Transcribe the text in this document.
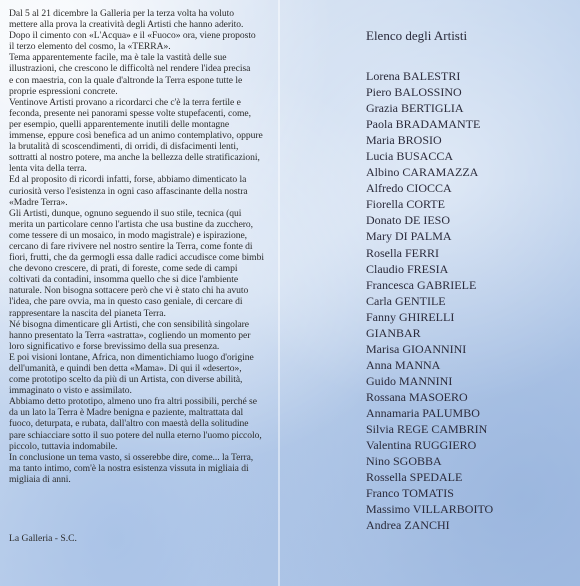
Dal 5 al 21 dicembre la Galleria per la terza volta ha voluto
mettere alla prova la creatività degli Artisti che hanno aderito.
Dopo il cimento con «L'Acqua» e il «Fuoco» ora, viene proposto
il terzo elemento del cosmo, la «TERRA».
Tema apparentemente facile, ma è tale la vastità delle sue
illustrazioni, che crescono le difficoltà nel rendere l'idea precisa
e con maestria, con la quale d'altronde la Terra espone tutte le
proprie espressioni concrete.
Ventinove Artisti provano a ricordarci che c'è la terra fertile e
feconda, presente nei panorami spesse volte stupefacenti, come,
per esempio, quelli apparentemente inutili delle montagne
immense, eppure così benefica ad un animo contemplativo, oppure
la brutalità di scoscendimenti, di orridi, di disfacimenti lenti,
sottratti al nostro potere, ma anche la bellezza delle stratificazioni,
lenta vita della terra.
Ed al proposito di ricordi infatti, forse, abbiamo dimenticato la
curiosità verso l'esistenza in ogni caso affascinante della nostra
«Madre Terra».
Gli Artisti, dunque, ognuno seguendo il suo stile, tecnica (qui
merita un particolare cenno l'artista che usa bustine da zucchero,
come tessere di un mosaico, in modo magistrale) e ispirazione,
cercano di fare rivivere nel nostro sentire la Terra, come fonte di
fiori, frutti, che da germogli essa dalle radici accudisce come bimbi
che devono crescere, di prati, di foreste, come sede di campi
coltivati da contadini, insomma quello che si dice l'ambiente
naturale. Non bisogna sottacere però che vi è stato chi ha avuto
l'idea, che pare ovvia, ma in questo caso geniale, di cercare di
rappresentare la nascita del pianeta Terra.
Né bisogna dimenticare gli Artisti, che con sensibilità singolare
hanno presentato la Terra «astratta», cogliendo un momento per
loro significativo e forse brevissimo della sua presenza.
E poi visioni lontane, Africa, non dimentichiamo luogo d'origine
dell'umanità, e quindi ben detta «Mama». Di qui il «deserto»,
come prototipo scelto da più di un Artista, con diverse abilità,
immaginato o visto e assimilato.
Abbiamo detto prototipo, almeno uno fra altri possibili, perché se
da un lato la Terra è Madre benigna e paziente, maltrattata dal
fuoco, deturpata, e rubata, dall'altro con maestà della solitudine
pare schiacciare sotto il suo potere del nulla eterno l'uomo piccolo,
piccolo, tuttavia indomabile.
In conclusione un tema vasto, si osserebbe dire, come... la Terra,
ma tanto intimo, com'è la nostra esistenza vissuta in migliaia di
migliaia di anni.

La Galleria - S.C.

Elenco degli Artisti
Lorena BALESTRI
Piero BALOSSINO
Grazia BERTIGLIA
Paola BRADAMANTE
Maria BROSIO
Lucia BUSACCA
Albino CARAMAZZA
Alfredo CIOCCA
Fiorella CORTE
Donato DE IESO
Mary DI PALMA
Rosella FERRI
Claudio FRESIA
Francesca GABRIELE
Carla GENTILE
Fanny GHIRELLI
GIANBAR
Marisa GIOANNINI
Anna MANNA
Guido MANNINI
Rossana MASOERO
Annamaria PALUMBO
Silvia REGE CAMBRIN
Valentina RUGGIERO
Nino SGOBBA
Rossella SPEDALE
Franco TOMATIS
Massimo VILLARBOITO
Andrea ZANCHI
